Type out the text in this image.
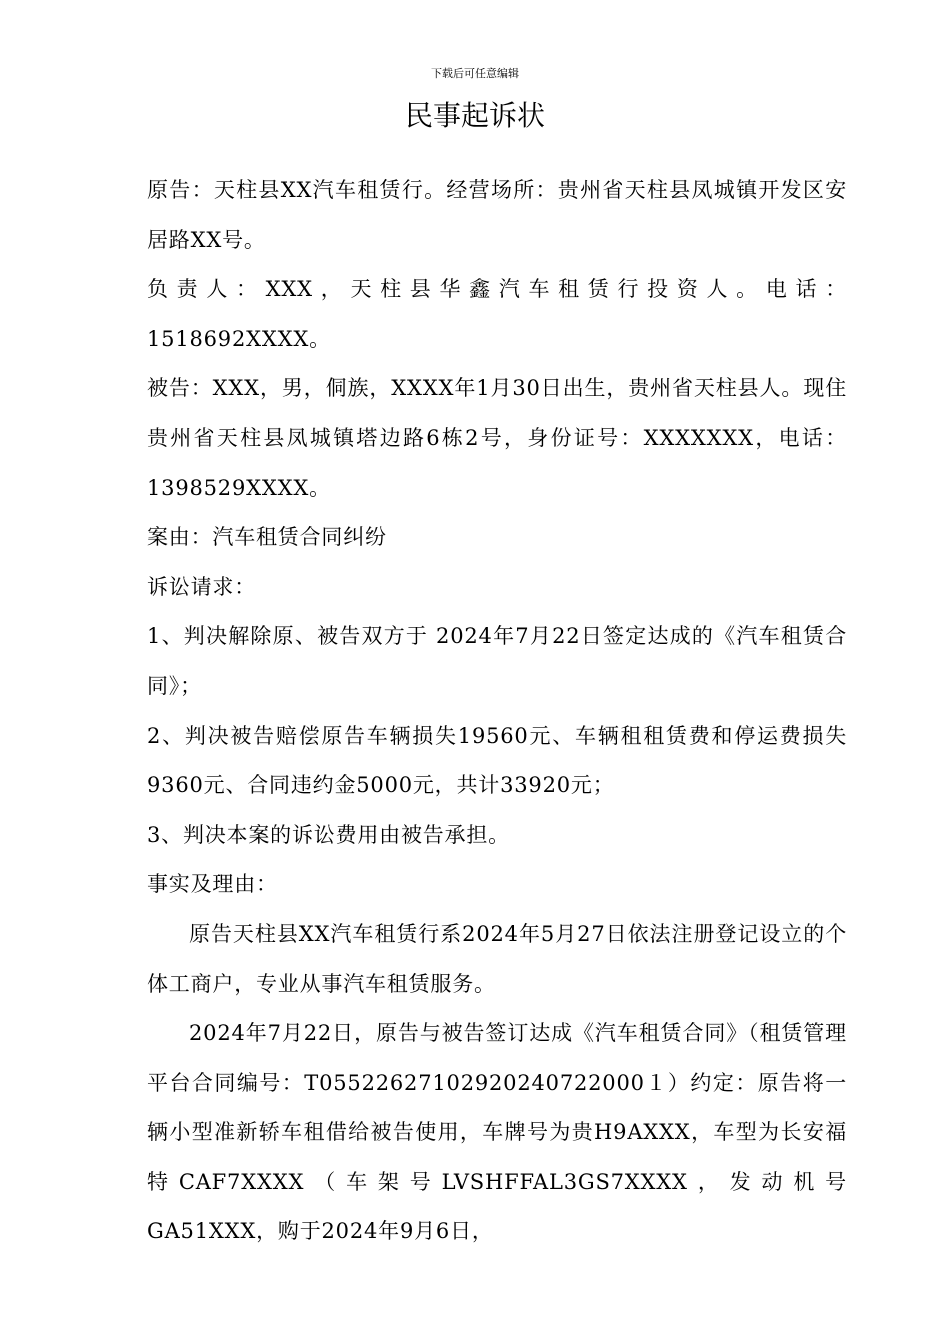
下载后可任意编辑
民事起诉状

原告：天柱县XX汽车租赁行。经营场所：贵州省天柱县凤城镇开发区安居路XX号。

负责人：XXX，天柱县华鑫汽车租赁行投资人。电话：1518692XXXX。

被告：XXX，男，侗族，XXXX年1月30日出生，贵州省天柱县人。现住贵州省天柱县凤城镇塔边路6栋2号，身份证号：XXXXXXX，电话：1398529XXXX。

案由：汽车租赁合同纠纷

诉讼请求：

1、判决解除原、被告双方于 2024年7月22日签定达成的《汽车租赁合同》；

2、判决被告赔偿原告车辆损失19560元、车辆租租赁费和停运费损失9360元、合同违约金5000元，共计33920元；

3、判决本案的诉讼费用由被告承担。

事实及理由：

原告天柱县XX汽车租赁行系2024年5月27日依法注册登记设立的个体工商户，专业从事汽车租赁服务。

2024年7月22日，原告与被告签订达成《汽车租赁合同》（租赁管理平台合同编号：T05522627102920240722000１）约定：原告将一辆小型准新轿车租借给被告使用，车牌号为贵H9AXXX，车型为长安福特CAF7XXXX（车架号LVSHFFAL3GS7XXXX，发动机号GA51XXX，购于2024年9月6日，
